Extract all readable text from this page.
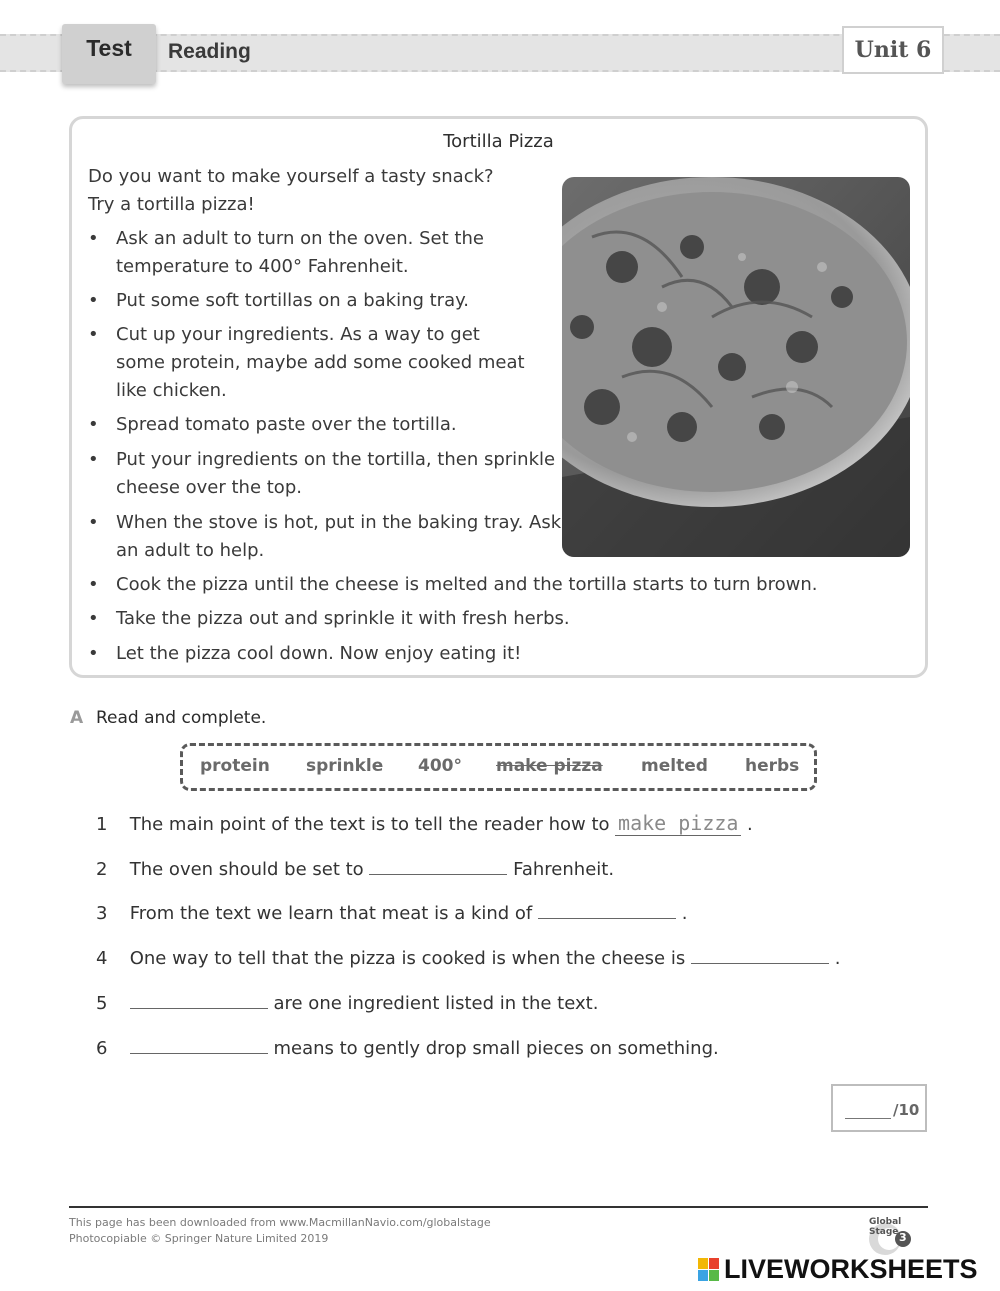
Test	Reading	Unit 6
Tortilla Pizza
Do you want to make yourself a tasty snack?
Try a tortilla pizza!
• Ask an adult to turn on the oven. Set the
temperature to 400° Fahrenheit.
• Put some soft tortillas on a baking tray.
• Cut up your ingredients. As a way to get
some protein, maybe add some cooked meat
like chicken.
• Spread tomato paste over the tortilla.
• Put your ingredients on the tortilla, then sprinkle
cheese over the top.
• When the stove is hot, put in the baking tray. Ask
an adult to help.
• Cook the pizza until the cheese is melted and the tortilla starts to turn brown.
• Take the pizza out and sprinkle it with fresh herbs.
• Let the pizza cool down. Now enjoy eating it!
A Read and complete.
protein sprinkle 400° make pizza melted herbs
1 The main point of the text is to tell the reader how to make pizza .
2 The oven should be set to	Fahrenheit.
3 From the text we learn that meat is a kind of	.
4 One way to tell that the pizza is cooked is when the cheese is	.
5	are one ingredient listed in the text.
6	means to gently drop small pieces on something.
/10
This page has been downloaded from www.MacmillanNavio.com/globalstage
Photocopiable © Springer Nature Limited 2019
Global Stage 3
LIVEWORKSHEETS
